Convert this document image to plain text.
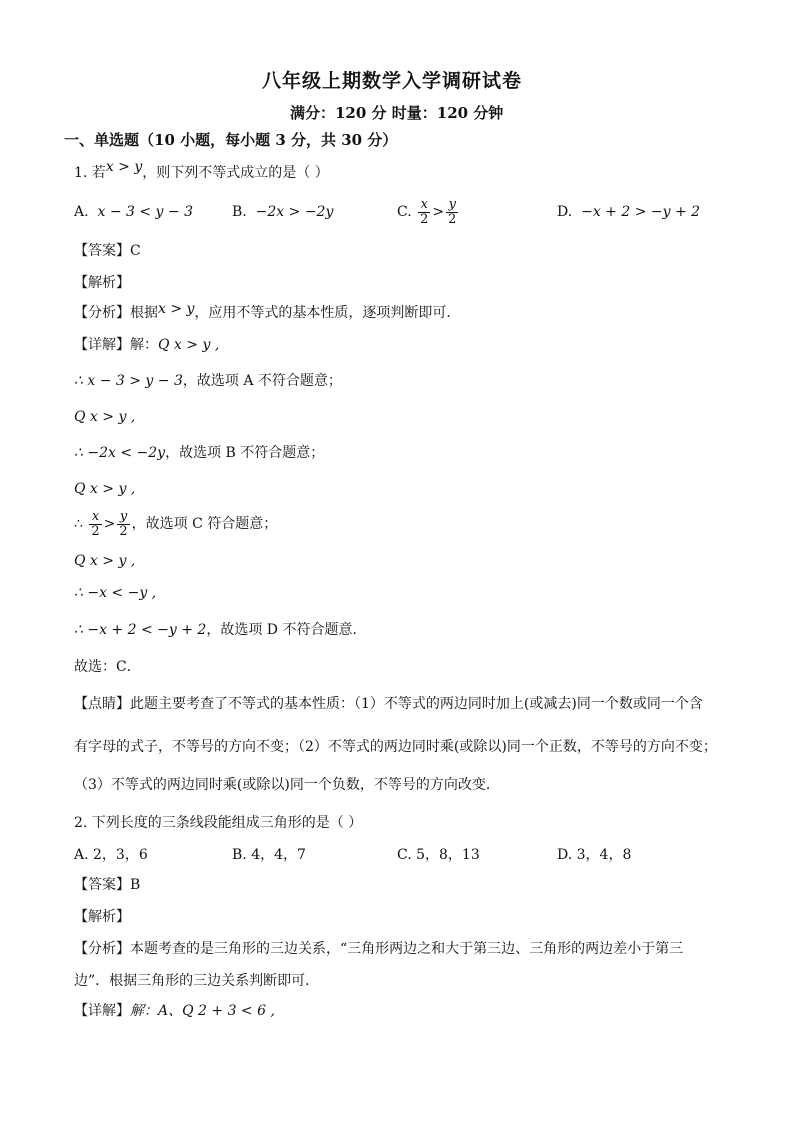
八年级上期数学入学调研试卷
满分：120 分 时量：120 分钟
一、单选题（10 小题，每小题 3 分，共 30 分）
1. 若x > y，则下列不等式成立的是（ ）
A. x − 3 < y − 3	B. −2x > −2y	C. $\frac{x}{2} > \frac{y}{2}$	D. −x + 2 > −y + 2
【答案】C
【解析】
【分析】根据x > y，应用不等式的基本性质，逐项判断即可．
【详解】解：Q x > y ,
∴ x − 3 > y − 3，故选项 A 不符合题意；
Q x > y ,
∴ −2x < −2y，故选项 B 不符合题意；
Q x > y ,
∴ $\frac{x}{2} > \frac{y}{2}$ ，故选项 C 符合题意；
Q x > y ,
∴ −x < −y ,
∴ −x + 2 < −y + 2，故选项 D 不符合题意．
故选：C．
【点睛】此题主要考查了不等式的基本性质：（1）不等式的两边同时加上(或减去)同一个数或同一个含
有字母的式子，不等号的方向不变；（2）不等式的两边同时乘(或除以)同一个正数，不等号的方向不变；
（3）不等式的两边同时乘(或除以)同一个负数，不等号的方向改变．
2. 下列长度的三条线段能组成三角形的是（ ）
A. 2，3，6	B. 4，4，7	C. 5，8，13	D. 3，4，8
【答案】B
【解析】
【分析】本题考查的是三角形的三边关系，“三角形两边之和大于第三边、三角形的两边差小于第三
边”．根据三角形的三边关系判断即可．
【详解】解：A、Q 2 + 3 < 6 ,
